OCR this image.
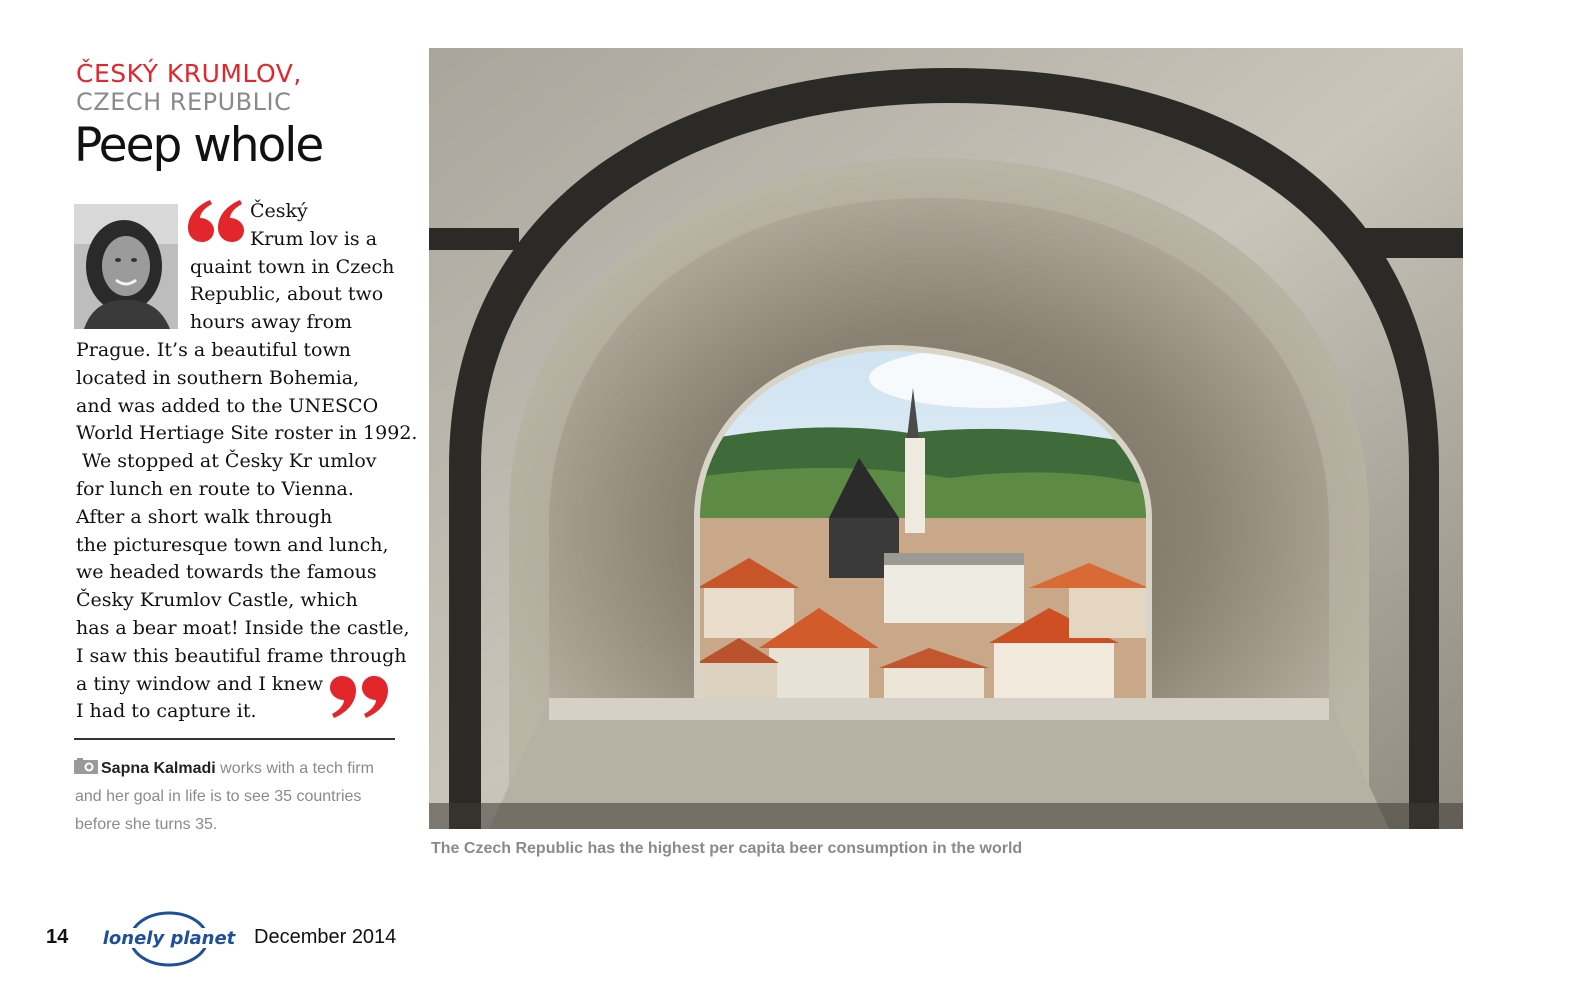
ČESKÝ KRUMLOV,
CZECH REPUBLIC
Peep whole
Český
Krum lov is a
quaint town in Czech
Republic, about two
hours away from
Prague. It’s a beautiful town
located in southern Bohemia,
and was added to the UNESCO
World Hertiage Site roster in 1992.
We stopped at Česky Kr umlov
for lunch en route to Vienna.
After a short walk through
the picturesque town and lunch,
we headed towards the famous
Česky Krumlov Castle, which
has a bear moat! Inside the castle,
I saw this beautiful frame through
a tiny window and I knew
I had to capture it.
Sapna Kalmadi works with a tech firm
and her goal in life is to see 35 countries
before she turns 35.
The Czech Republic has the highest per capita beer consumption in the world
14 lonely planet December 2014
